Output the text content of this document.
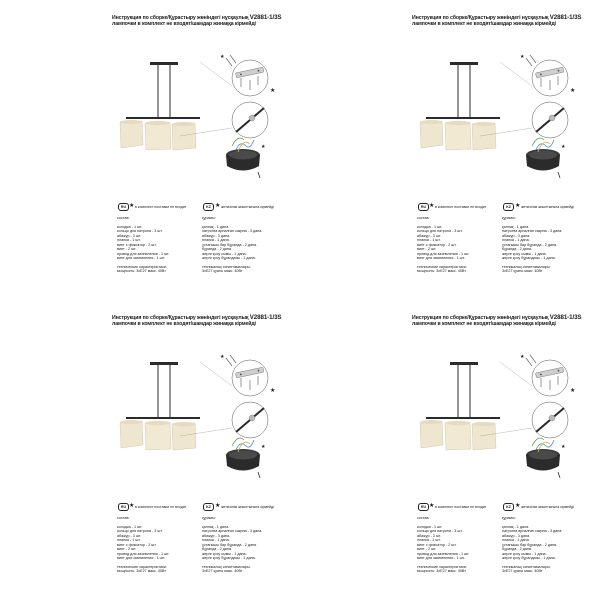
Инструкция по сборке/Құрастыру жөніндегі нұсқаулық V2881-1/3S
лампочки в комплект не входят/шамдар жинаққа кірмейді
★
★
★
RU ★ в комплект поставки не входит	KZ ★ жеткізілім жиынтығына кірмейді
состав:
колодка - 1 шт.
кольцо для патрона - 3 шт.
абажур - 3 шт.
планка - 1 шт.
винт с фиксатор - 2 шт.
винт - 2 шт.
провод для заземления - 1 шт.
винт для заземления - 1 шт.
технические характеристики:
мощность: 3xE27 макс. 40Вт
құрамы:
қалпақ - 1 дана.
патронға арналған сақина - 3 дана.
абажур - 3 дана.
планка - 1 дана.
ұстағышы бар бұранда - 2 дана.
бұранда - 2 дана.
жерге қосу сымы - 1 дана.
жерге қосу бұрандасы - 1 дана.
техникалық сипаттамалары:
3xE27 қуаты макс. 40Вт
Инструкция по сборке/Құрастыру жөніндегі нұсқаулық V2881-1/3S
лампочки в комплект не входят/шамдар жинаққа кірмейді
★
★
★
RU ★ в комплект поставки не входит	KZ ★ жеткізілім жиынтығына кірмейді
состав:
колодка - 1 шт.
кольцо для патрона - 3 шт.
абажур - 3 шт.
планка - 1 шт.
винт с фиксатор - 2 шт.
винт - 2 шт.
провод для заземления - 1 шт.
винт для заземления - 1 шт.
технические характеристики:
мощность: 3xE27 макс. 40Вт
құрамы:
қалпақ - 1 дана.
патронға арналған сақина - 3 дана.
абажур - 3 дана.
планка - 1 дана.
ұстағышы бар бұранда - 2 дана.
бұранда - 2 дана.
жерге қосу сымы - 1 дана.
жерге қосу бұрандасы - 1 дана.
техникалық сипаттамалары:
3xE27 қуаты макс. 40Вт
Инструкция по сборке/Құрастыру жөніндегі нұсқаулық V2881-1/3S
лампочки в комплект не входят/шамдар жинаққа кірмейді
★
★
★
RU ★ в комплект поставки не входит	KZ ★ жеткізілім жиынтығына кірмейді
состав:
колодка - 1 шт.
кольцо для патрона - 3 шт.
абажур - 3 шт.
планка - 1 шт.
винт с фиксатор - 2 шт.
винт - 2 шт.
провод для заземления - 1 шт.
винт для заземления - 1 шт.
технические характеристики:
мощность: 3xE27 макс. 40Вт
құрамы:
қалпақ - 1 дана.
патронға арналған сақина - 3 дана.
абажур - 3 дана.
планка - 1 дана.
ұстағышы бар бұранда - 2 дана.
бұранда - 2 дана.
жерге қосу сымы - 1 дана.
жерге қосу бұрандасы - 1 дана.
техникалық сипаттамалары:
3xE27 қуаты макс. 40Вт
Инструкция по сборке/Құрастыру жөніндегі нұсқаулық V2881-1/3S
лампочки в комплект не входят/шамдар жинаққа кірмейді
★
★
★
RU ★ в комплект поставки не входит	KZ ★ жеткізілім жиынтығына кірмейді
состав:
колодка - 1 шт.
кольцо для патрона - 3 шт.
абажур - 3 шт.
планка - 1 шт.
винт с фиксатор - 2 шт.
винт - 2 шт.
провод для заземления - 1 шт.
винт для заземления - 1 шт.
технические характеристики:
мощность: 3xE27 макс. 40Вт
құрамы:
қалпақ - 1 дана.
патронға арналған сақина - 3 дана.
абажур - 3 дана.
планка - 1 дана.
ұстағышы бар бұранда - 2 дана.
бұранда - 2 дана.
жерге қосу сымы - 1 дана.
жерге қосу бұрандасы - 1 дана.
техникалық сипаттамалары:
3xE27 қуаты макс. 40Вт
